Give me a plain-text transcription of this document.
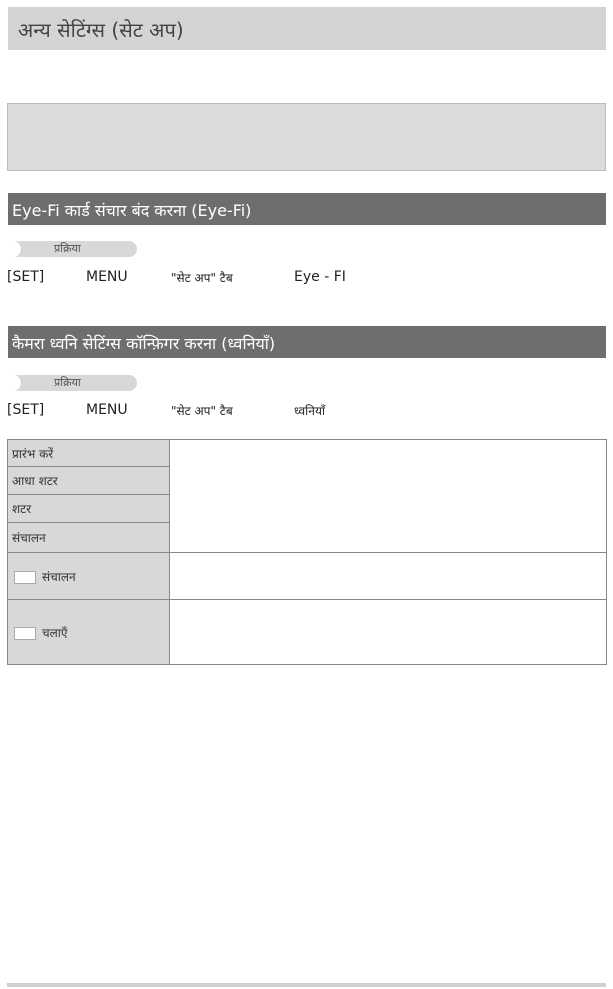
अन्य सेटिंग्स (सेट अप)
Eye-Fi कार्ड संचार बंद करना (Eye-Fi)
प्रक्रिया
[SET]	MENU	"सेट अप" टैब	Eye - FI
कैमरा ध्वनि सेटिंग्स कॉन्फ़िगर करना (ध्वनियाँ)
प्रक्रिया
[SET]	MENU	"सेट अप" टैब	ध्वनियाँ
प्रारंभ करें	
आधा शटर	
शटर	
संचालन	
संचालन	
चलाएँ	
